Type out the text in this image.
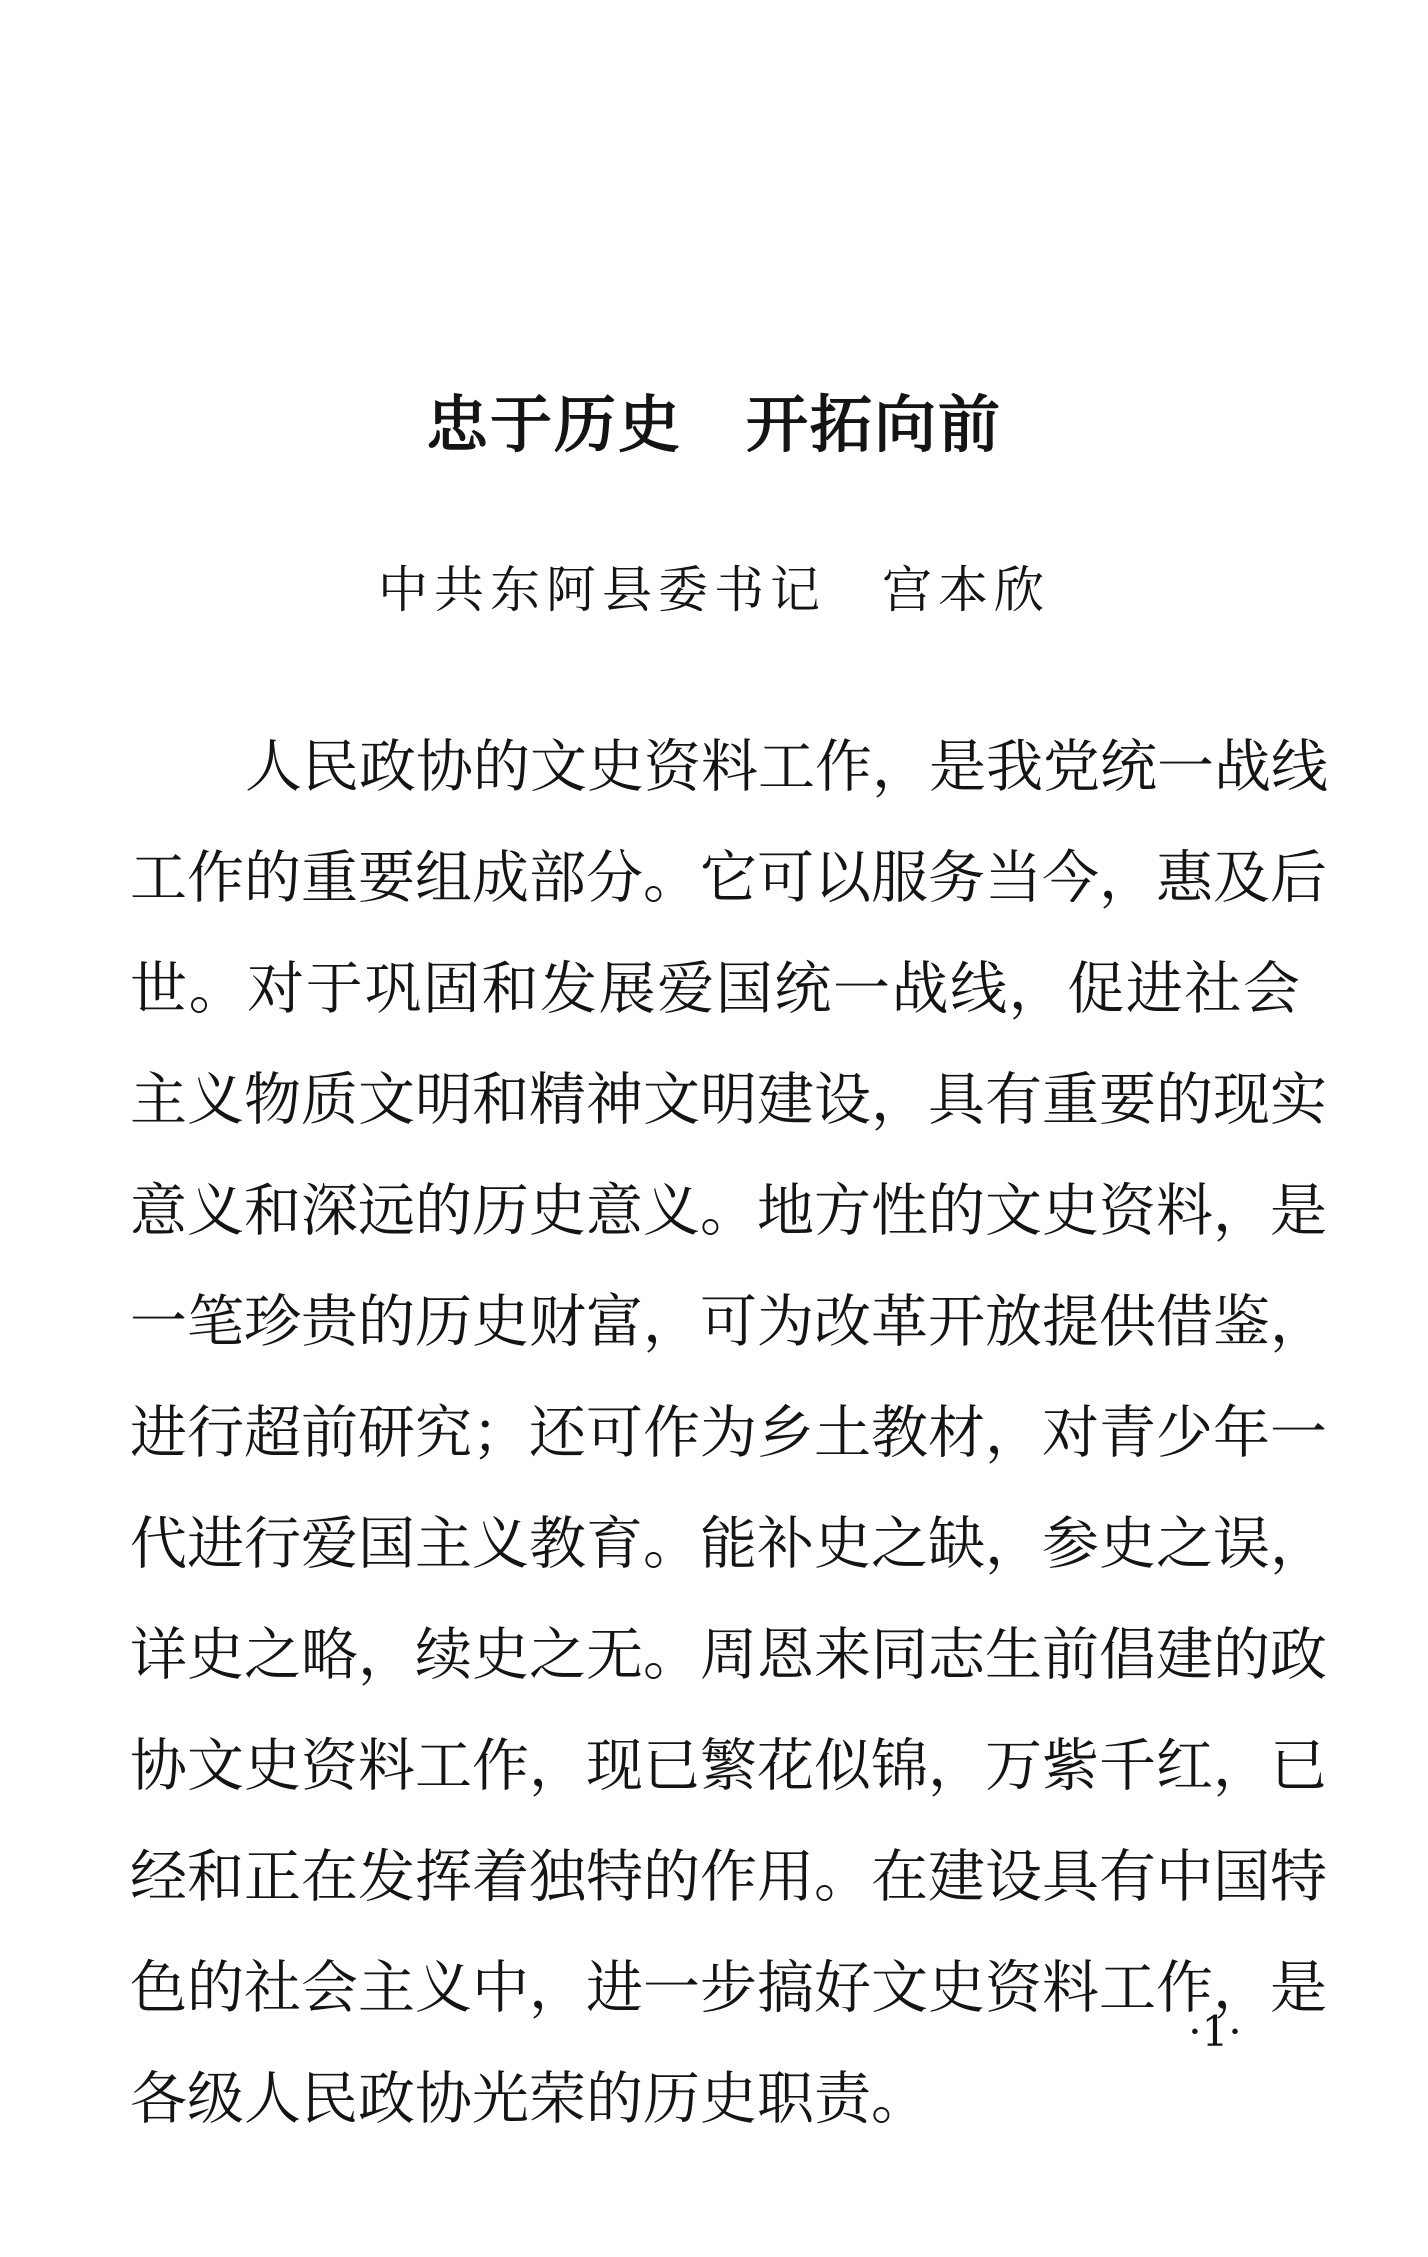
忠于历史　开拓向前
中共东阿县委书记　宫本欣
人民政协的文史资料工作，是我党统一战线
工作的重要组成部分。它可以服务当今，惠及后
世。对于巩固和发展爱国统一战线，促进社会
主义物质文明和精神文明建设，具有重要的现实
意义和深远的历史意义。地方性的文史资料，是
一笔珍贵的历史财富，可为改革开放提供借鉴，
进行超前研究；还可作为乡土教材，对青少年一
代进行爱国主义教育。能补史之缺，参史之误，
详史之略，续史之无。周恩来同志生前倡建的政
协文史资料工作，现已繁花似锦，万紫千红，已
经和正在发挥着独特的作用。在建设具有中国特
色的社会主义中，进一步搞好文史资料工作，是
各级人民政协光荣的历史职责。
·1·
